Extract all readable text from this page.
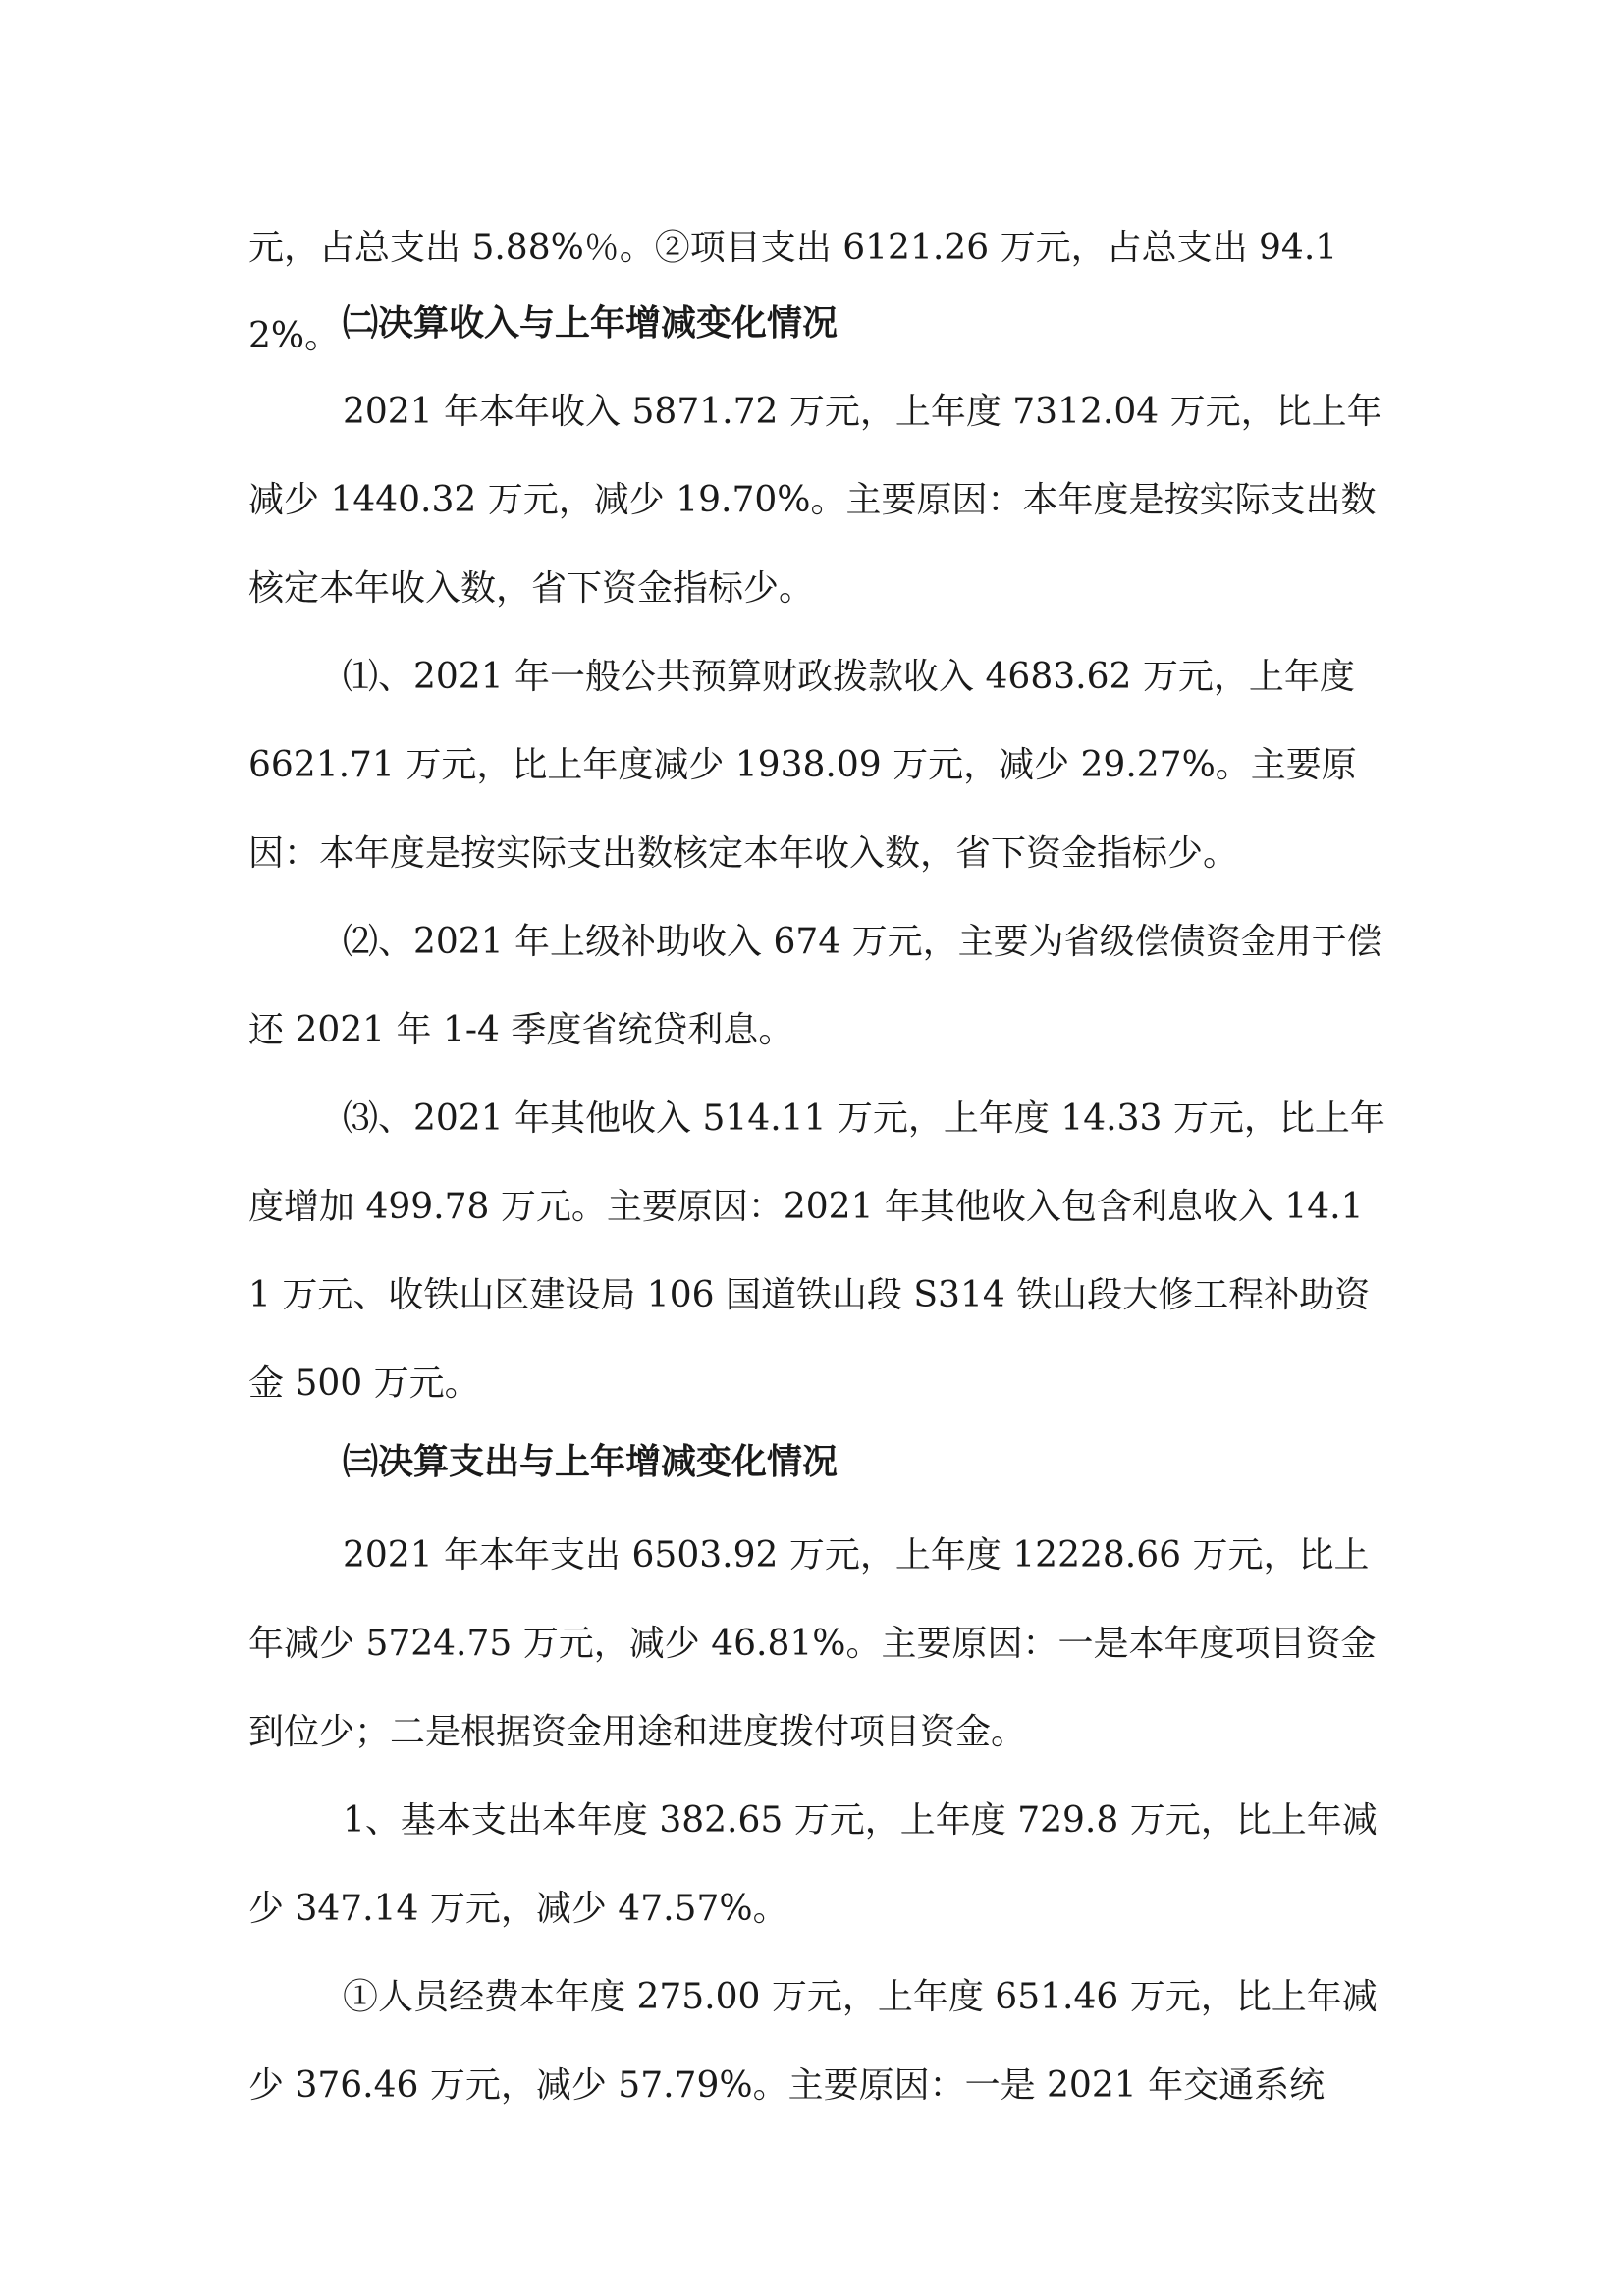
元，占总支出 5.88%％。②项目支出 6121.26 万元，占总支出 94.12%。 ㈡决算收入与上年增减变化情况

2021 年本年收入 5871.72 万元，上年度 7312.04 万元，比上年减少 1440.32 万元，减少 19.70%。主要原因：本年度是按实际支出数核定本年收入数，省下资金指标少。

⑴、2021 年一般公共预算财政拨款收入 4683.62 万元，上年度 6621.71 万元，比上年度减少 1938.09 万元，减少 29.27%。主要原因：本年度是按实际支出数核定本年收入数，省下资金指标少。

⑵、2021 年上级补助收入 674 万元，主要为省级偿债资金用于偿还 2021 年 1-4 季度省统贷利息。

⑶、2021 年其他收入 514.11 万元，上年度 14.33 万元，比上年度增加 499.78 万元。主要原因：2021 年其他收入包含利息收入 14.11 万元、收铁山区建设局 106 国道铁山段 S314 铁山段大修工程补助资金 500 万元。

㈢决算支出与上年增减变化情况

2021 年本年支出 6503.92 万元，上年度 12228.66 万元，比上年减少 5724.75 万元，减少 46.81%。主要原因：一是本年度项目资金到位少；二是根据资金用途和进度拨付项目资金。

1、基本支出本年度 382.65 万元，上年度 729.8 万元，比上年减少 347.14 万元，减少 47.57%。

①人员经费本年度 275.00 万元，上年度 651.46 万元，比上年减少 376.46 万元，减少 57.79%。主要原因：一是 2021 年交通系统
